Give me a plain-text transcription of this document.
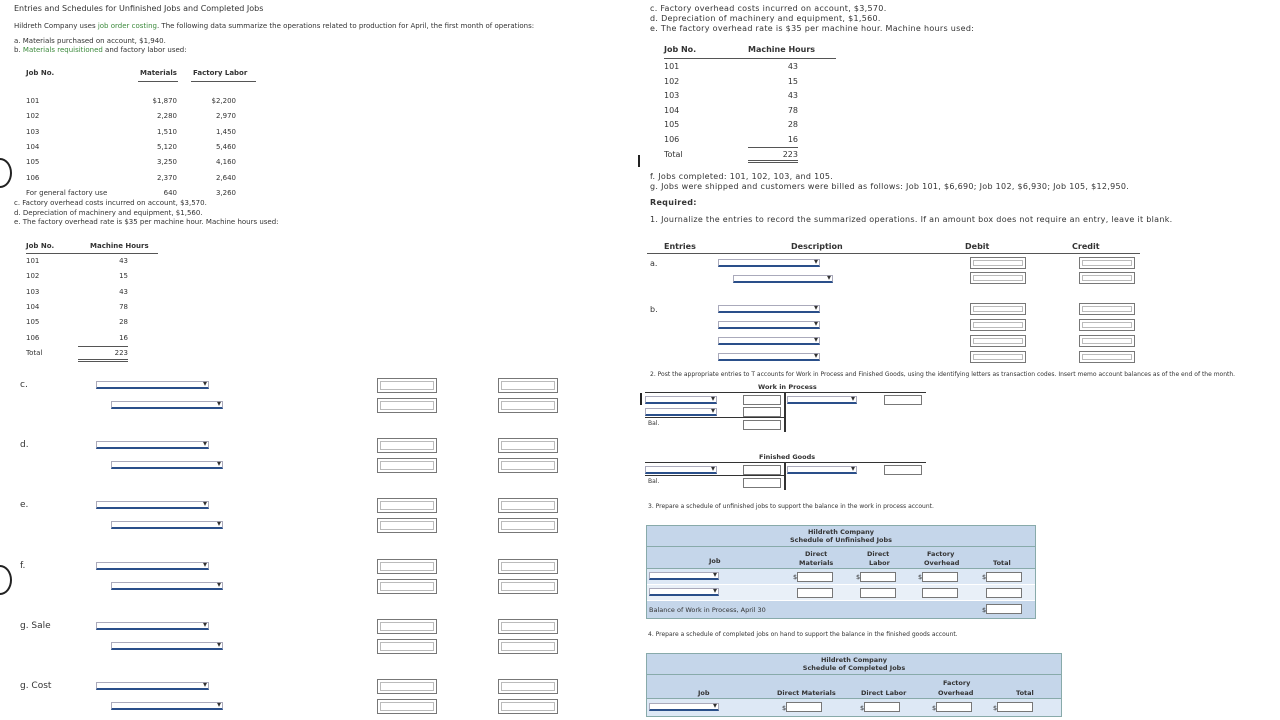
Entries and Schedules for Unfinished Jobs and Completed Jobs
Hildreth Company uses job order costing. The following data summarize the operations related to production for April, the first month of operations:
a. Materials purchased on account, $1,940.
b. Materials requisitioned and factory labor used:
Job No.	Materials Factory Labor
101	$1,870	$2,200
102	2,280	2,970
103	1,510	1,450
104	5,120	5,460
105	3,250	4,160
106	2,370	2,640
For general factory use	640	3,260
c. Factory overhead costs incurred on account, $3,570.
d. Depreciation of machinery and equipment, $1,560.
e. The factory overhead rate is $35 per machine hour. Machine hours used:
Job No.	Machine Hours
101	43
102	15
103	43
104	78
105	28
106	16
Total	223
c. Factory overhead costs incurred on account, $3,570.
d. Depreciation of machinery and equipment, $1,560.
e. The factory overhead rate is $35 per machine hour. Machine hours used:
Job No.	Machine Hours
101	43
102	15
103	43
104	78
105	28
106	16
Total	223
f. Jobs completed: 101, 102, 103, and 105.
g. Jobs were shipped and customers were billed as follows: Job 101, $6,690; Job 102, $6,930; Job 105, $12,950.
Required:
1. Journalize the entries to record the summarized operations. If an amount box does not require an entry, leave it blank.
Entries	Description	Debit	Credit
a.
▾
▾
b.
2. Post the appropriate entries to T accounts for Work in Process and Finished Goods, using the identifying letters as transaction codes. Insert memo account balances as of the end of the month.
Work in Process
▾
▾
▾
Bal.
Finished Goods
▾
▾
Bal.
3. Prepare a schedule of unfinished jobs to support the balance in the work in process account.
Hildreth Company
Schedule of Unfinished Jobs
Job
Direct
Materials
Direct
Labor
Factory
Overhead	Total
▾
$	$	$	$
▾
Balance of Work in Process, April 30	$
4. Prepare a schedule of completed jobs on hand to support the balance in the finished goods account.
Hildreth Company
Schedule of Completed Jobs
Job	Direct Materials	Direct Labor
Factory
Overhead	Total
▾
$	$	$	$
c.
▾
▾
d.
▾
▾
e.
▾
▾
f.
▾
▾
g. Sale
▾
▾
g. Cost
▾
▾
▾
▾
▾
▾
